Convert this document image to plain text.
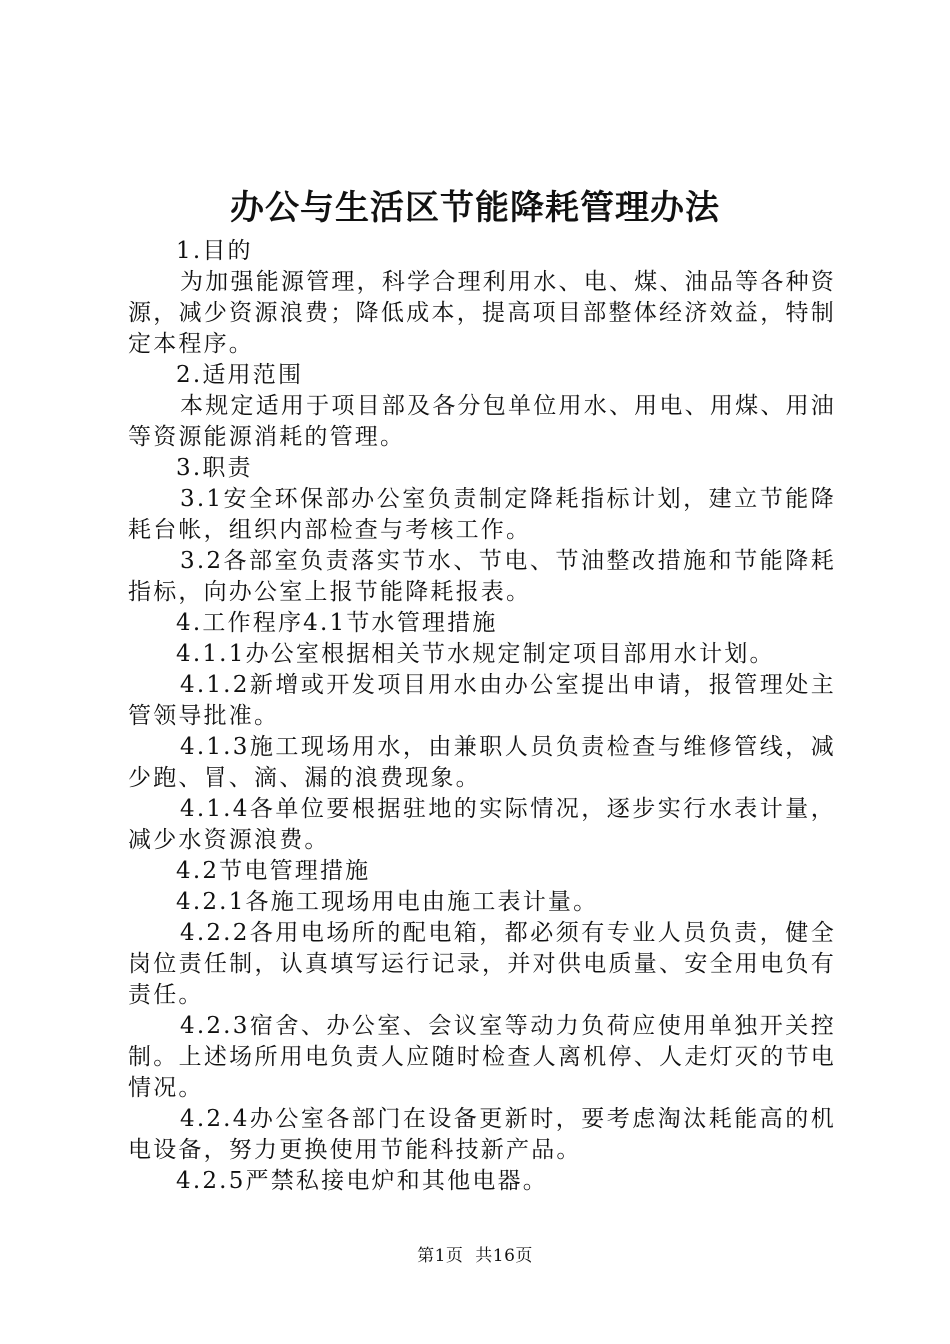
办公与生活区节能降耗管理办法

1.目的

为加强能源管理，科学合理利用水、电、煤、油品等各种资源，减少资源浪费；降低成本，提高项目部整体经济效益，特制定本程序。

2.适用范围

本规定适用于项目部及各分包单位用水、用电、用煤、用油等资源能源消耗的管理。

3.职责

3.1安全环保部办公室负责制定降耗指标计划，建立节能降耗台帐，组织内部检查与考核工作。

3.2各部室负责落实节水、节电、节油整改措施和节能降耗指标，向办公室上报节能降耗报表。

4.工作程序4.1节水管理措施

4.1.1办公室根据相关节水规定制定项目部用水计划。

4.1.2新增或开发项目用水由办公室提出申请，报管理处主管领导批准。

4.1.3施工现场用水，由兼职人员负责检查与维修管线，减少跑、冒、滴、漏的浪费现象。

4.1.4各单位要根据驻地的实际情况，逐步实行水表计量，减少水资源浪费。

4.2节电管理措施

4.2.1各施工现场用电由施工表计量。

4.2.2各用电场所的配电箱，都必须有专业人员负责，健全岗位责任制，认真填写运行记录，并对供电质量、安全用电负有责任。

4.2.3宿舍、办公室、会议室等动力负荷应使用单独开关控制。上述场所用电负责人应随时检查人离机停、人走灯灭的节电情况。

4.2.4办公室各部门在设备更新时，要考虑淘汰耗能高的机电设备，努力更换使用节能科技新产品。

4.2.5严禁私接电炉和其他电器。

第1页 共16页
